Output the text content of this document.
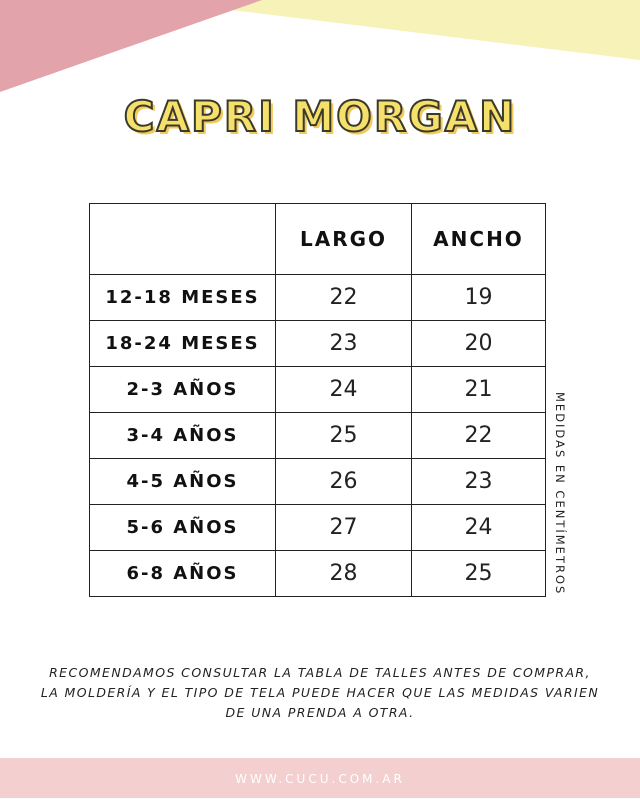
CAPRI MORGAN
	LARGO	ANCHO
12-18 MESES	22	19
18-24 MESES	23	20
2-3 AÑOS	24	21
3-4 AÑOS	25	22
4-5 AÑOS	26	23
5-6 AÑOS	27	24
6-8 AÑOS	28	25	MEDIDAS EN CENTÍMETROS
RECOMENDAMOS CONSULTAR LA TABLA DE TALLES ANTES DE COMPRAR,
LA MOLDERÍA Y EL TIPO DE TELA PUEDE HACER QUE LAS MEDIDAS VARIEN
DE UNA PRENDA A OTRA.
WWW.CUCU.COM.AR
